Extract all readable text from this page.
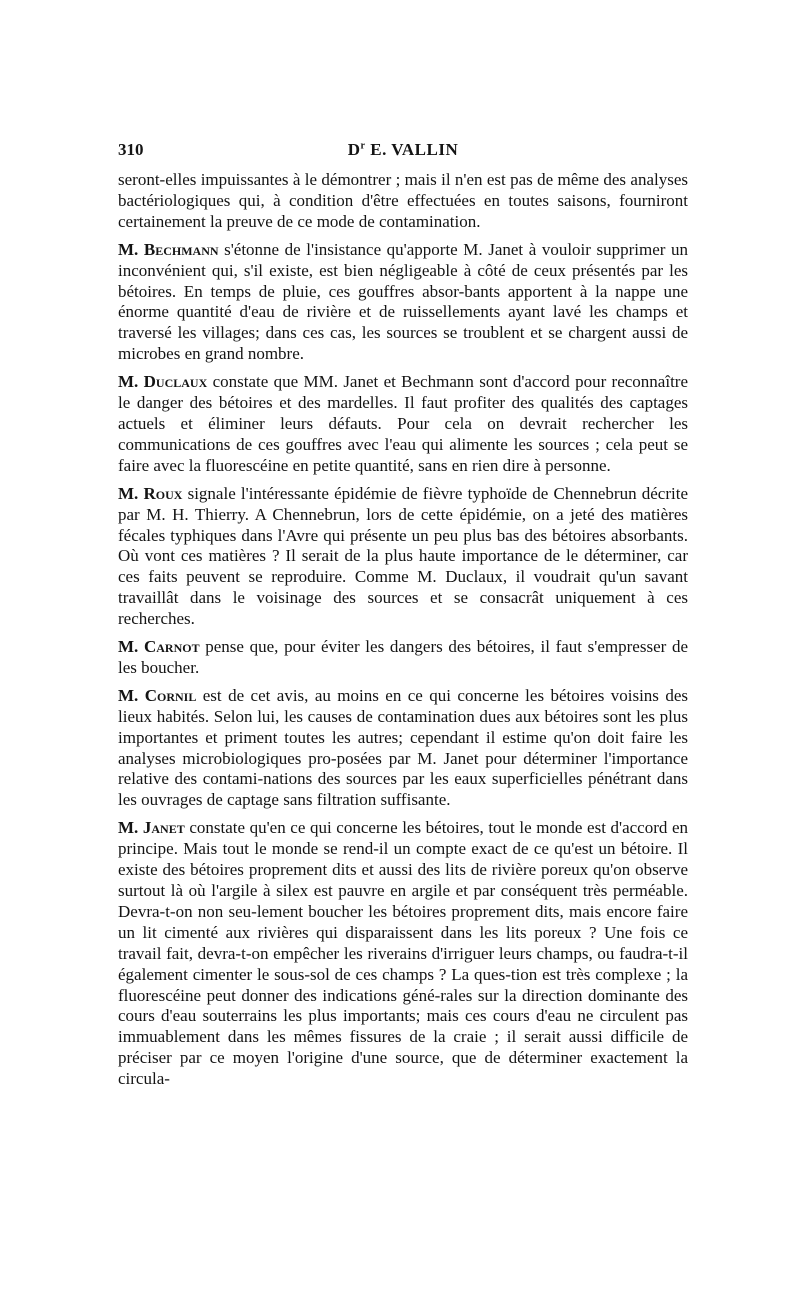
310	$D^r$ E. VALLIN

seront-elles impuissantes à le démontrer ; mais il n'en est pas de même des analyses bactériologiques qui, à condition d'être effectuées en toutes saisons, fourniront certainement la preuve de ce mode de contamination.

M. Bechmann s'étonne de l'insistance qu'apporte M. Janet à vouloir supprimer un inconvénient qui, s'il existe, est bien négligeable à côté de ceux présentés par les bétoires. En temps de pluie, ces gouffres absor-bants apportent à la nappe une énorme quantité d'eau de rivière et de ruissellements ayant lavé les champs et traversé les villages; dans ces cas, les sources se troublent et se chargent aussi de microbes en grand nombre.

M. Duclaux constate que MM. Janet et Bechmann sont d'accord pour reconnaître le danger des bétoires et des mardelles. Il faut profiter des qualités des captages actuels et éliminer leurs défauts. Pour cela on devrait rechercher les communications de ces gouffres avec l'eau qui alimente les sources ; cela peut se faire avec la fluorescéine en petite quantité, sans en rien dire à personne.

M. Roux signale l'intéressante épidémie de fièvre typhoïde de Chennebrun décrite par M. H. Thierry. A Chennebrun, lors de cette épidémie, on a jeté des matières fécales typhiques dans l'Avre qui présente un peu plus bas des bétoires absorbants. Où vont ces matières ? Il serait de la plus haute importance de le déterminer, car ces faits peuvent se reproduire. Comme M. Duclaux, il voudrait qu'un savant travaillât dans le voisinage des sources et se consacrât uniquement à ces recherches.

M. Carnot pense que, pour éviter les dangers des bétoires, il faut s'empresser de les boucher.

M. Cornil est de cet avis, au moins en ce qui concerne les bétoires voisins des lieux habités. Selon lui, les causes de contamination dues aux bétoires sont les plus importantes et priment toutes les autres; cependant il estime qu'on doit faire les analyses microbiologiques pro-posées par M. Janet pour déterminer l'importance relative des contami-nations des sources par les eaux superficielles pénétrant dans les ouvrages de captage sans filtration suffisante.

M. Janet constate qu'en ce qui concerne les bétoires, tout le monde est d'accord en principe. Mais tout le monde se rend-il un compte exact de ce qu'est un bétoire. Il existe des bétoires proprement dits et aussi des lits de rivière poreux qu'on observe surtout là où l'argile à silex est pauvre en argile et par conséquent très perméable. Devra-t-on non seu-lement boucher les bétoires proprement dits, mais encore faire un lit cimenté aux rivières qui disparaissent dans les lits poreux ? Une fois ce travail fait, devra-t-on empêcher les riverains d'irriguer leurs champs, ou faudra-t-il également cimenter le sous-sol de ces champs ? La ques-tion est très complexe ; la fluorescéine peut donner des indications géné-rales sur la direction dominante des cours d'eau souterrains les plus importants; mais ces cours d'eau ne circulent pas immuablement dans les mêmes fissures de la craie ; il serait aussi difficile de préciser par ce moyen l'origine d'une source, que de déterminer exactement la circula-
